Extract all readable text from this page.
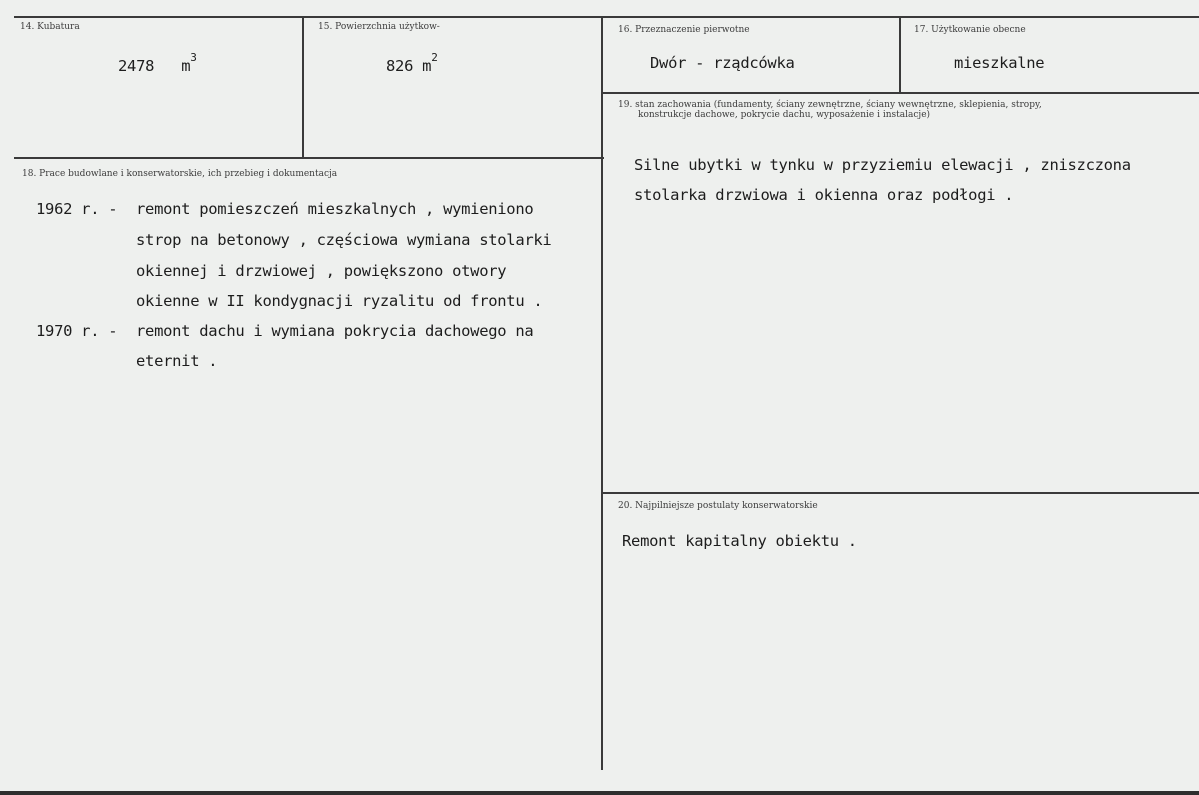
14. Kubatura
2478 $m^3$
15. Powierzchnia użytkow-
826 $m^2$
16. Przeznaczenie pierwotne
Dwór - rządcówka
17. Użytkowanie obecne
mieszkalne
18. Prace budowlane i konserwatorskie, ich przebieg i dokumentacja
1962 r. - remont pomieszczeń mieszkalnych , wymieniono
strop na betonowy , częściowa wymiana stolarki
okiennej i drzwiowej , powiększono otwory
okienne w II kondygnacji ryzalitu od frontu .
1970 r. - remont dachu i wymiana pokrycia dachowego na
eternit .
19. stan zachowania (fundamenty, ściany zewnętrzne, ściany wewnętrzne, sklepienia, stropy,
konstrukcje dachowe, pokrycie dachu, wyposażenie i instalacje)
Silne ubytki w tynku w przyziemiu elewacji , zniszczona
stolarka drzwiowa i okienna oraz podłogi .
20. Najpilniejsze postulaty konserwatorskie
Remont kapitalny obiektu .
